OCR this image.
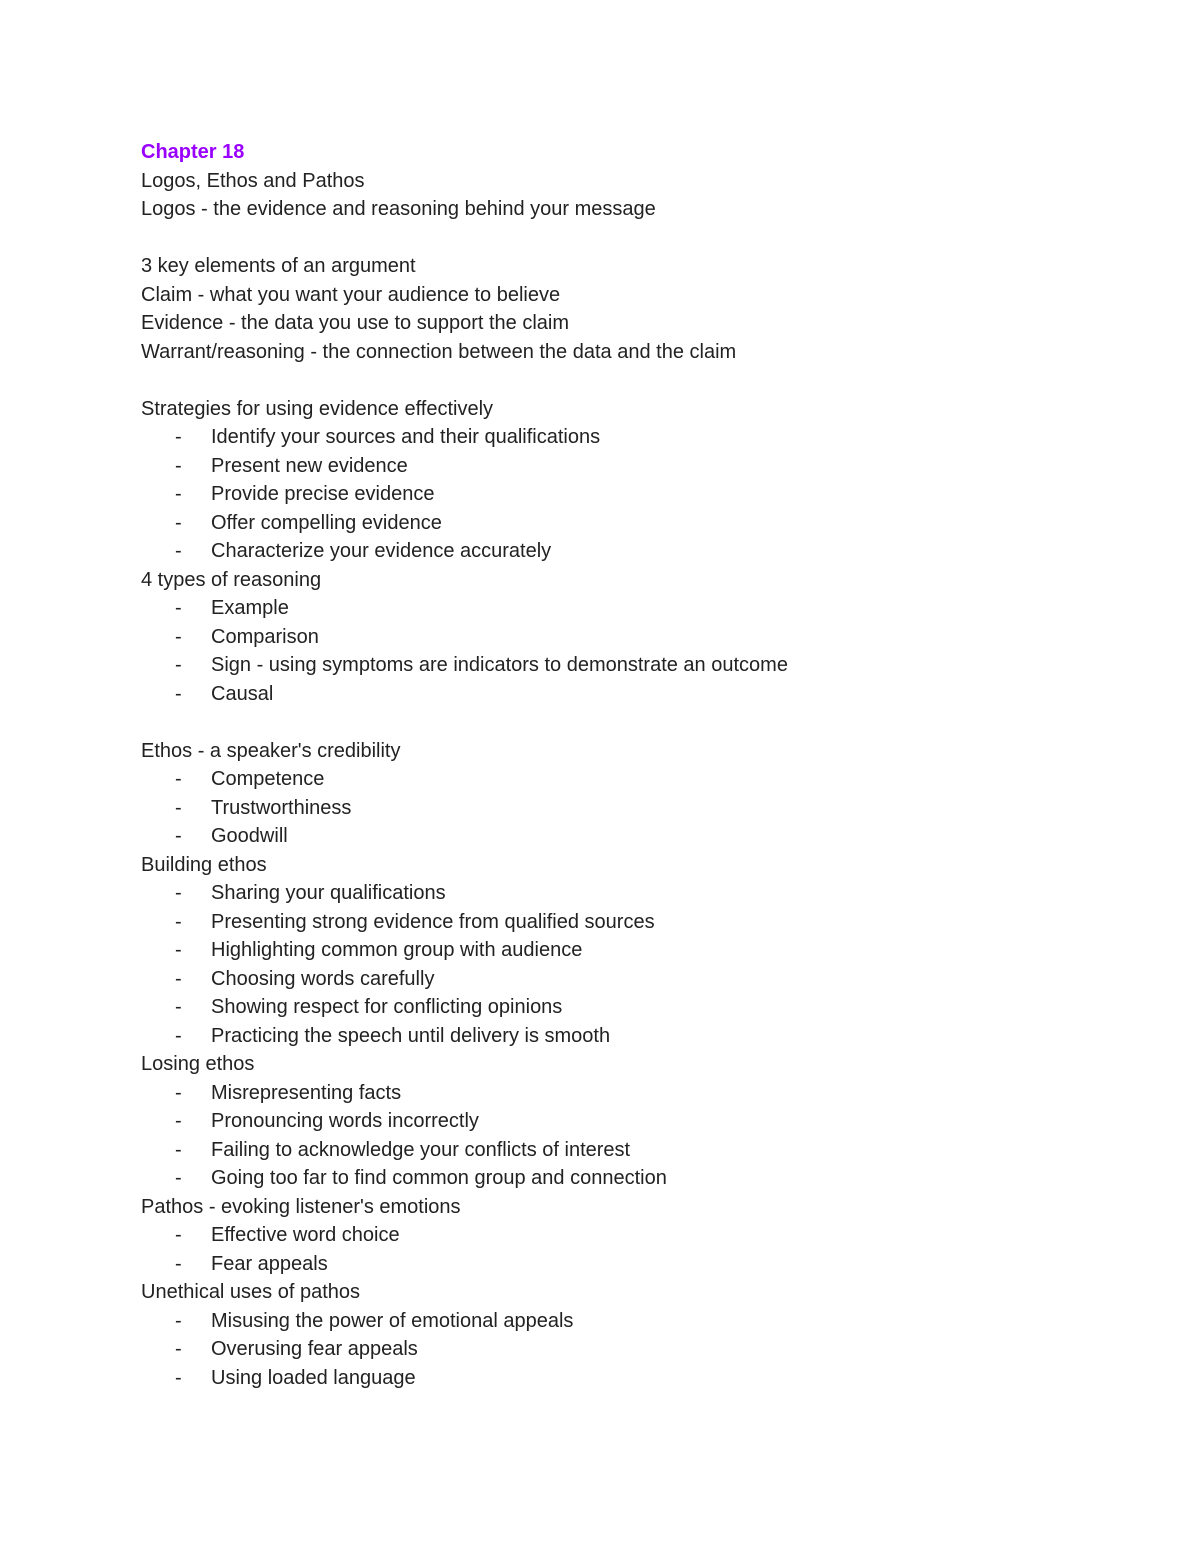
Chapter 18
Logos, Ethos and Pathos
Logos - the evidence and reasoning behind your message
3 key elements of an argument
Claim - what you want your audience to believe
Evidence - the data you use to support the claim
Warrant/reasoning - the connection between the data and the claim
Strategies for using evidence effectively
- Identify your sources and their qualifications
- Present new evidence
- Provide precise evidence
- Offer compelling evidence
- Characterize your evidence accurately
4 types of reasoning
- Example
- Comparison
- Sign - using symptoms are indicators to demonstrate an outcome
- Causal
Ethos - a speaker's credibility
- Competence
- Trustworthiness
- Goodwill
Building ethos
- Sharing your qualifications
- Presenting strong evidence from qualified sources
- Highlighting common group with audience
- Choosing words carefully
- Showing respect for conflicting opinions
- Practicing the speech until delivery is smooth
Losing ethos
- Misrepresenting facts
- Pronouncing words incorrectly
- Failing to acknowledge your conflicts of interest
- Going too far to find common group and connection
Pathos - evoking listener's emotions
- Effective word choice
- Fear appeals
Unethical uses of pathos
- Misusing the power of emotional appeals
- Overusing fear appeals
- Using loaded language
